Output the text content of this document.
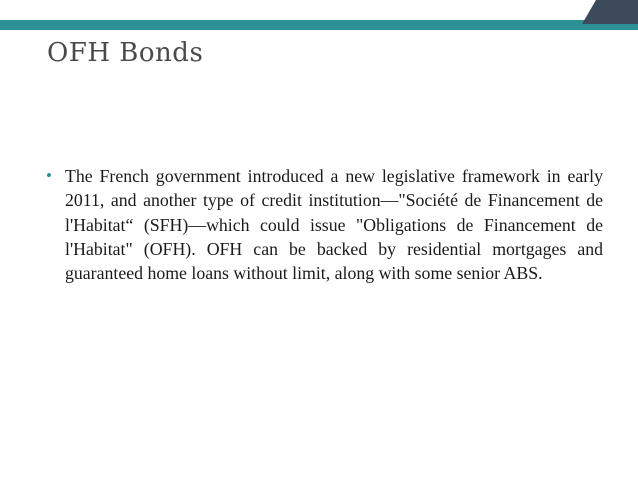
OFH Bonds
• The French government introduced a new legislative framework in early 2011, and another type of credit institution—"Société de Financement de l'Habitat“ (SFH)—which could issue "Obligations de Financement de l'Habitat" (OFH). OFH can be backed by residential mortgages and guaranteed home loans without limit, along with some senior ABS.
